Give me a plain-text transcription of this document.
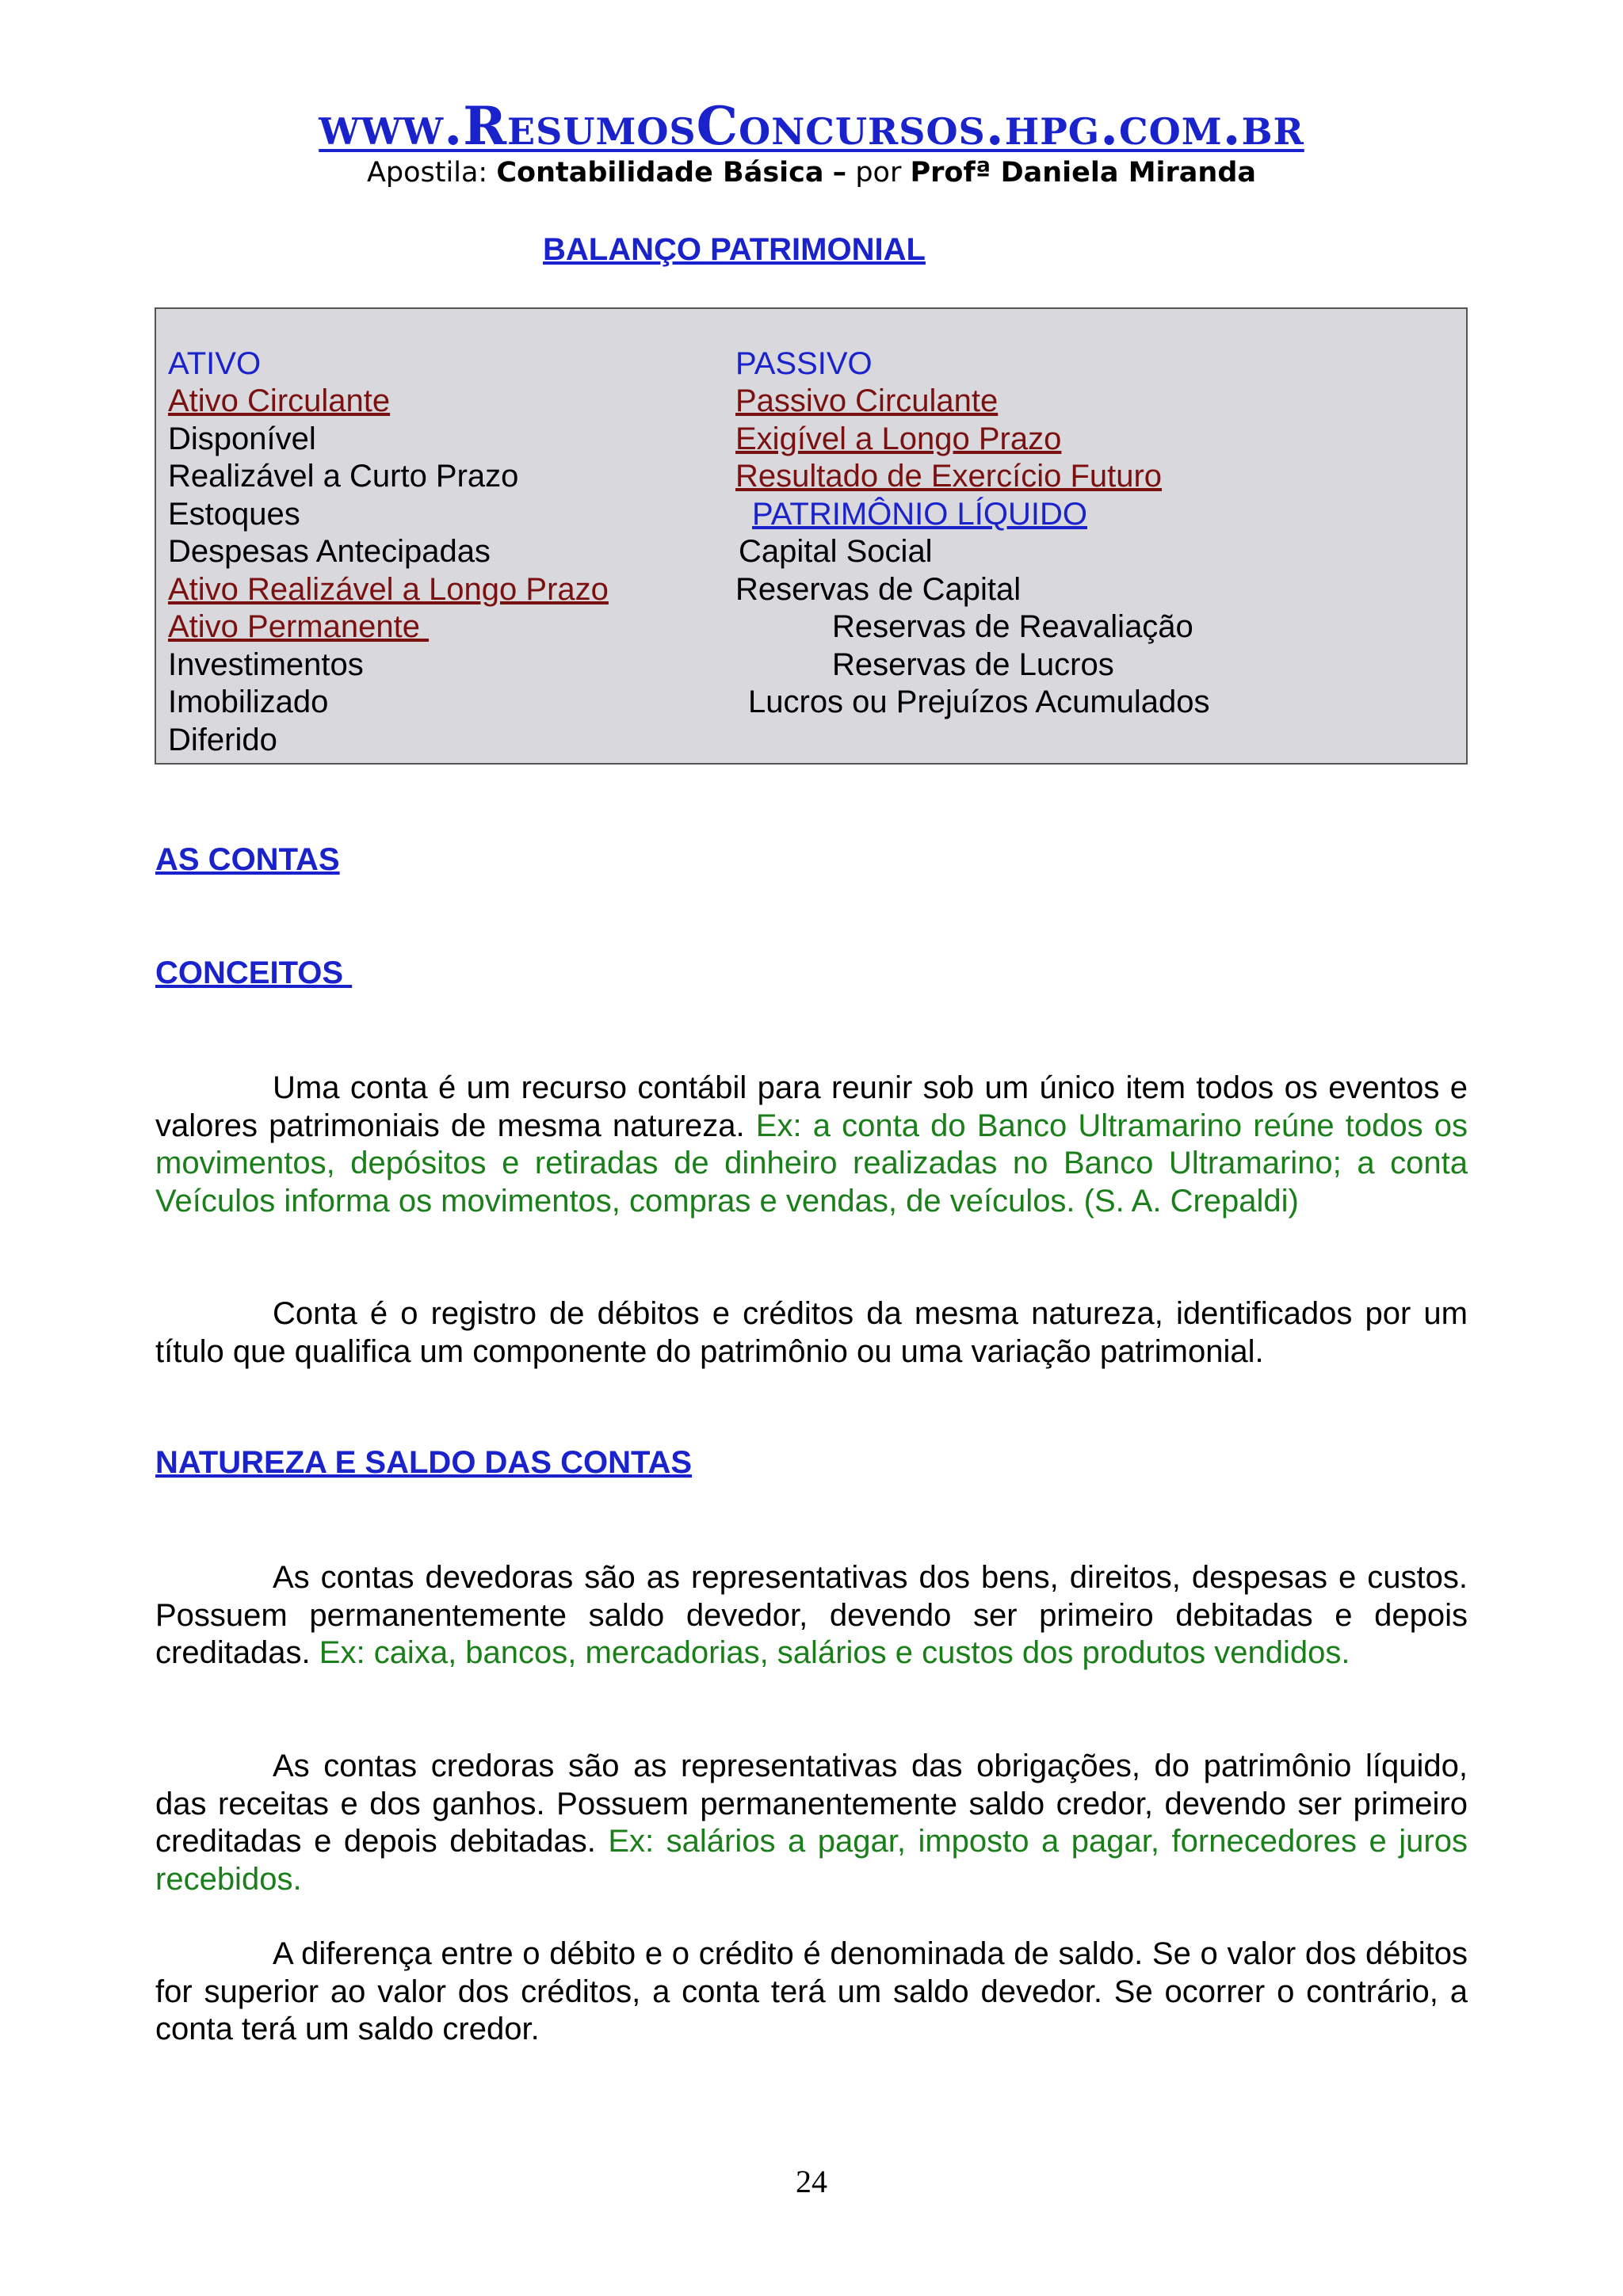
www.ResumosConcursos.hpg.com.br
Apostila: Contabilidade Básica – por Profª Daniela Miranda
BALANÇO PATRIMONIAL
ATIVO
Ativo Circulante
Disponível
Realizável a Curto Prazo
Estoques
Despesas Antecipadas
Ativo Realizável a Longo Prazo
Ativo Permanente
Investimentos
Imobilizado
Diferido
PASSIVO
Passivo Circulante
Exigível a Longo Prazo
Resultado de Exercício Futuro
PATRIMÔNIO LÍQUIDO
Capital Social
Reservas de Capital
Reservas de Reavaliação
Reservas de Lucros
Lucros ou Prejuízos Acumulados
AS CONTAS
CONCEITOS
Uma conta é um recurso contábil para reunir sob um único item todos os eventos e valores patrimoniais de mesma natureza. Ex: a conta do Banco Ultramarino reúne todos os movimentos, depósitos e retiradas de dinheiro realizadas no Banco Ultramarino; a conta Veículos informa os movimentos, compras e vendas, de veículos. (S. A. Crepaldi)
Conta é o registro de débitos e créditos da mesma natureza, identificados por um título que qualifica um componente do patrimônio ou uma variação patrimonial.
NATUREZA E SALDO DAS CONTAS
As contas devedoras são as representativas dos bens, direitos, despesas e custos. Possuem permanentemente saldo devedor, devendo ser primeiro debitadas e depois creditadas. Ex: caixa, bancos, mercadorias, salários e custos dos produtos vendidos.
As contas credoras são as representativas das obrigações, do patrimônio líquido, das receitas e dos ganhos. Possuem permanentemente saldo credor, devendo ser primeiro creditadas e depois debitadas. Ex: salários a pagar, imposto a pagar, fornecedores e juros recebidos.
A diferença entre o débito e o crédito é denominada de saldo. Se o valor dos débitos for superior ao valor dos créditos, a conta terá um saldo devedor. Se ocorrer o contrário, a conta terá um saldo credor.
24
